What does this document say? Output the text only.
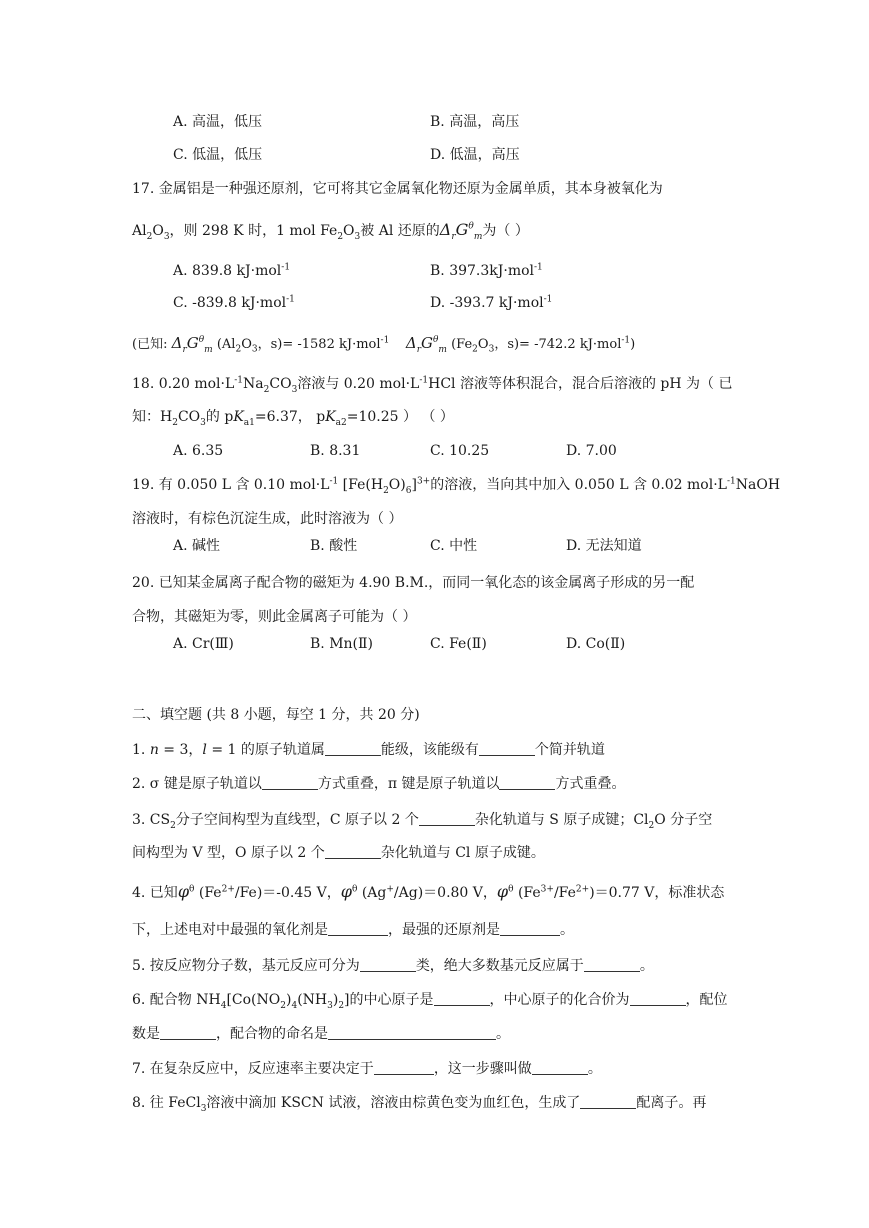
A. 高温，低压	B. 高温，高压
C. 低温，低压	D. 低温，高压
17. 金属铝是一种强还原剂，它可将其它金属氧化物还原为金属单质，其本身被氧化为
$Al_2O_3$，则 298 K 时，1 mol $Fe_2O_3$被 Al 还原的$\Delta_rG^\theta_m$为（ ）
A. 839.8 kJ·mol$^{-1}$	B. 397.3kJ·mol$^{-1}$
C. -839.8 kJ·mol$^{-1}$	D. -393.7 kJ·mol$^{-1}$
(已知: $\Delta_rG^\theta_m$ ($Al_2O_3$，s)= -1582 kJ·mol$^{-1}$ $\Delta_rG^\theta_m$ ($Fe_2O_3$，s)= -742.2 kJ·mol$^{-1}$)
18. 0.20 $mol\cdot L^{-1}Na_2CO_3$溶液与 0.20 $mol\cdot L^{-1}HCl$ 溶液等体积混合，混合后溶液的 pH 为（ 已
知：$H_2CO_3$的 $pK_{a1}=6.37$， $pK_{a2}=10.25$ ） （ ）
A. 6.35	B. 8.31	C. 10.25	D. 7.00
19. 有 0.050 L 含 0.10 $mol\cdot L^{-1}$ $[Fe(H_2O)_6]^{3+}$的溶液，当向其中加入 0.050 L 含 0.02 $mol\cdot L^{-1}NaOH$
溶液时，有棕色沉淀生成，此时溶液为（ ）
A. 碱性	B. 酸性	C. 中性	D. 无法知道
20. 已知某金属离子配合物的磁矩为 4.90 B.M.，而同一氧化态的该金属离子形成的另一配
合物，其磁矩为零，则此金属离子可能为（ ）
A. Cr(Ⅲ)	B. Mn(Ⅱ)	C. Fe(Ⅱ)	D. Co(Ⅱ)
二、填空题 (共 8 小题，每空 1 分，共 20 分)
1. n = 3，l = 1 的原子轨道属	能级，该能级有	个简并轨道
2. σ 键是原子轨道以	方式重叠，π 键是原子轨道以	方式重叠。
3. $CS_2$分子空间构型为直线型，C 原子以 2 个	杂化轨道与 S 原子成键；$Cl_2O$ 分子空
间构型为 V 型，O 原子以 2 个	杂化轨道与 Cl 原子成键。
4. 已知$\varphi^\theta$ $(Fe^{2+}/Fe)=-0.45$ V，$\varphi^\theta$ (Ag+/Ag)＝0.80 V，$\varphi^\theta$ $(Fe^{3+}/Fe^{2+})=0.77$ V，标准状态
下，上述电对中最强的氧化剂是	，最强的还原剂是	。
5. 按反应物分子数，基元反应可分为	类，绝大多数基元反应属于	。
6. 配合物 $NH_4[Co(NO_2)_4(NH_3)_2]$的中心原子是	，中心原子的化合价为	，配位
数是	，配合物的命名是	。
7. 在复杂反应中，反应速率主要决定于	，这一步骤叫做	。
8. 往 FeCl$_3$溶液中滴加 KSCN 试液，溶液由棕黄色变为血红色，生成了	配离子。再
